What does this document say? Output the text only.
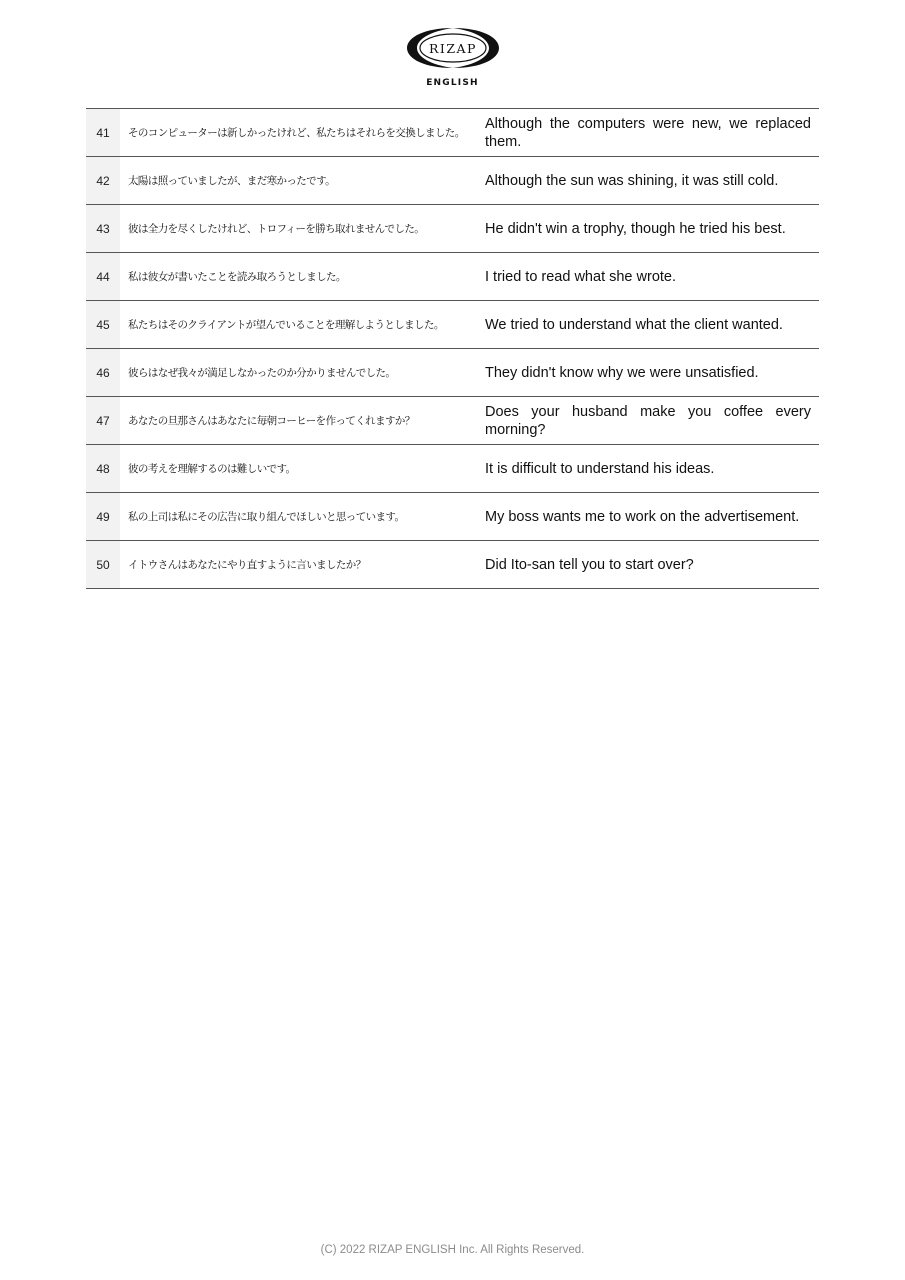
RIZAP
ENGLISH
41	そのコンピューターは新しかったけれど、私たちはそれらを交換しました。	Although the computers were new, we replaced them.
42	太陽は照っていましたが、まだ寒かったです。	Although the sun was shining, it was still cold.
43	彼は全力を尽くしたけれど、トロフィーを勝ち取れませんでした。	He didn't win a trophy, though he tried his best.
44	私は彼女が書いたことを読み取ろうとしました。	I tried to read what she wrote.
45	私たちはそのクライアントが望んでいることを理解しようとしました。	We tried to understand what the client wanted.
46	彼らはなぜ我々が満足しなかったのか分かりませんでした。	They didn't know why we were unsatisfied.
47	あなたの旦那さんはあなたに毎朝コーヒーを作ってくれますか？	Does your husband make you coffee every morning?
48	彼の考えを理解するのは難しいです。	It is difficult to understand his ideas.
49	私の上司は私にその広告に取り組んでほしいと思っています。	My boss wants me to work on the advertisement.
50	イトウさんはあなたにやり直すように言いましたか？	Did Ito-san tell you to start over?
(C) 2022 RIZAP ENGLISH Inc. All Rights Reserved.
